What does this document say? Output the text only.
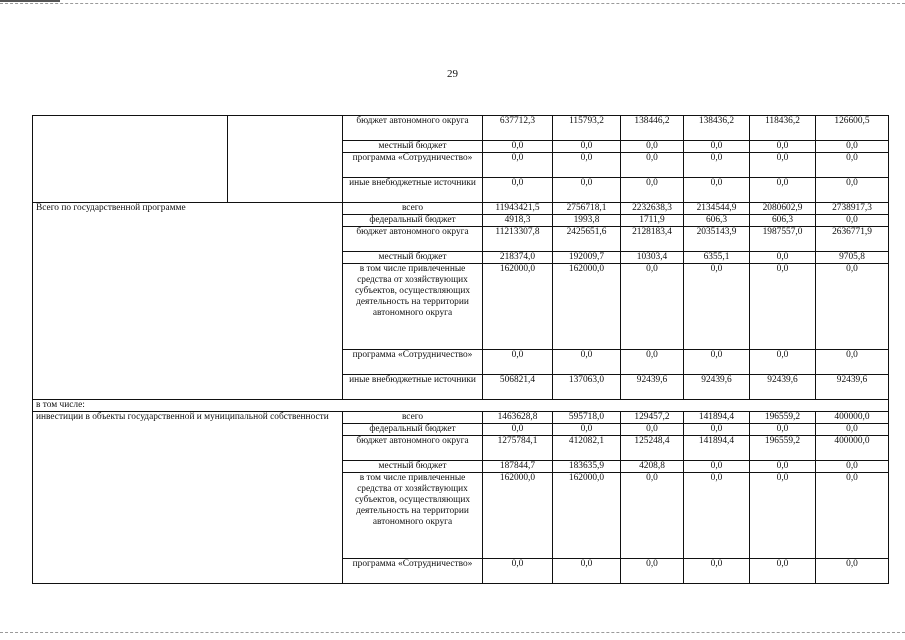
29
		бюджет автономного округа	637712,3	115793,2	138446,2	138436,2	118436,2	126600,5
		местный бюджет	0,0	0,0	0,0	0,0	0,0	0,0
		программа «Сотрудничество»	0,0	0,0	0,0	0,0	0,0	0,0
		иные внебюджетные источники	0,0	0,0	0,0	0,0	0,0	0,0
Всего по государственной программе		всего	11943421,5	2756718,1	2232638,3	2134544,9	2080602,9	2738917,3
		федеральный бюджет	4918,3	1993,8	1711,9	606,3	606,3	0,0
		бюджет автономного округа	11213307,8	2425651,6	2128183,4	2035143,9	1987557,0	2636771,9
		местный бюджет	218374,0	192009,7	10303,4	6355,1	0,0	9705,8
		в том числе привлеченные средства от хозяйствующих субъектов, осуществляющих деятельность на территории автономного округа	162000,0	162000,0	0,0	0,0	0,0	0,0
		программа «Сотрудничество»	0,0	0,0	0,0	0,0	0,0	0,0
		иные внебюджетные источники	506821,4	137063,0	92439,6	92439,6	92439,6	92439,6
в том числе:								
инвестиции в объекты государственной и муниципальной собственности		всего	1463628,8	595718,0	129457,2	141894,4	196559,2	400000,0
		федеральный бюджет	0,0	0,0	0,0	0,0	0,0	0,0
		бюджет автономного округа	1275784,1	412082,1	125248,4	141894,4	196559,2	400000,0
		местный бюджет	187844,7	183635,9	4208,8	0,0	0,0	0,0
		в том числе привлеченные средства от хозяйствующих субъектов, осуществляющих деятельность на территории автономного округа	162000,0	162000,0	0,0	0,0	0,0	0,0
		программа «Сотрудничество»	0,0	0,0	0,0	0,0	0,0	0,0
